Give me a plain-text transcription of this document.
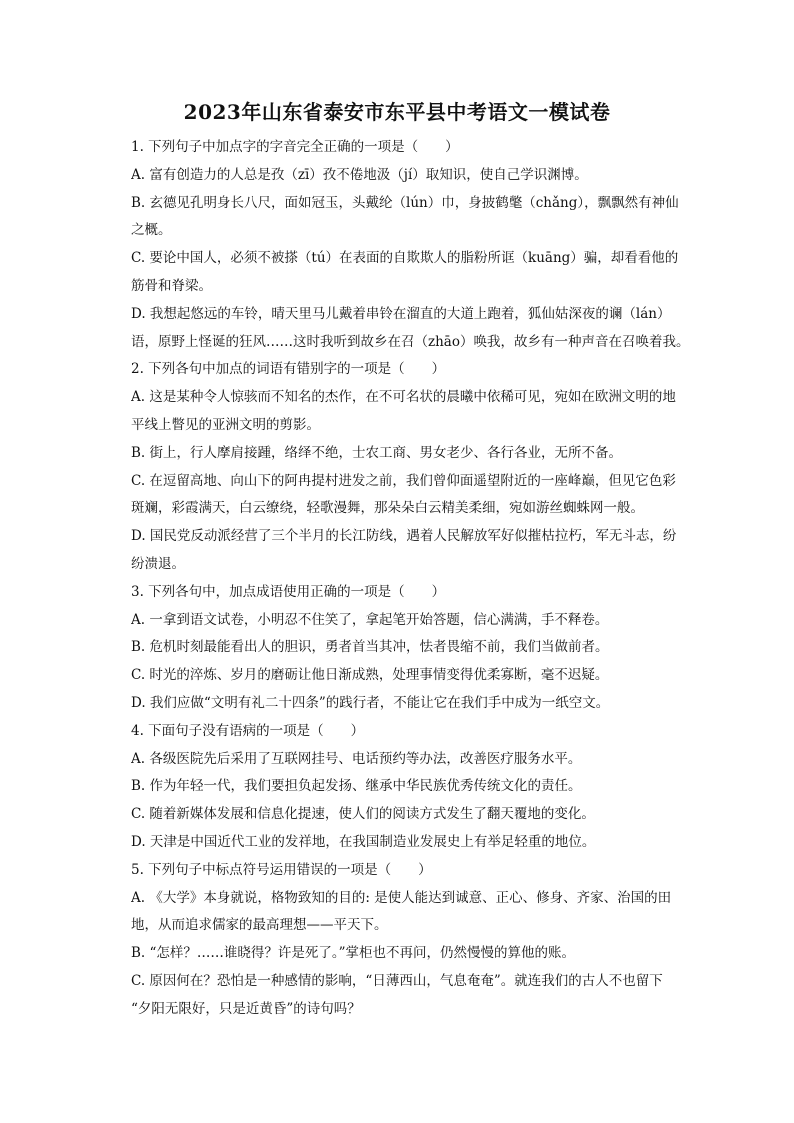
2023年山东省泰安市东平县中考语文一模试卷
1. 下列句子中加点字的字音完全正确的一项是（　　）
A. 富有创造力的人总是孜（zī）孜不倦地汲（jí）取知识，使自己学识渊博。
B. 玄德见孔明身长八尺，面如冠玉，头戴纶（lún）巾，身披鹤氅（chǎng），飘飘然有神仙
之概。
C. 要论中国人，必须不被搽（tú）在表面的自欺欺人的脂粉所诓（kuāng）骗，却看看他的
筋骨和脊梁。
D. 我想起悠远的车铃，晴天里马儿戴着串铃在溜直的大道上跑着，狐仙姑深夜的谰（lán）
语，原野上怪诞的狂风……这时我听到故乡在召（zhāo）唤我，故乡有一种声音在召唤着我。
2. 下列各句中加点的词语有错别字的一项是（　　）
A. 这是某种令人惊骇而不知名的杰作，在不可名状的晨曦中依稀可见，宛如在欧洲文明的地
平线上瞥见的亚洲文明的剪影。
B. 街上，行人摩肩接踵，络绎不绝，士农工商、男女老少、各行各业，无所不备。
C. 在逗留高地、向山下的阿冉提村进发之前，我们曾仰面遥望附近的一座峰巅，但见它色彩
斑斓，彩霞满天，白云缭绕，轻歌漫舞，那朵朵白云精美柔细，宛如游丝蜘蛛网一般。
D. 国民党反动派经营了三个半月的长江防线，遇着人民解放军好似摧枯拉朽，军无斗志，纷
纷溃退。
3. 下列各句中，加点成语使用正确的一项是（　　）
A. 一拿到语文试卷，小明忍不住笑了，拿起笔开始答题，信心满满，手不释卷。
B. 危机时刻最能看出人的胆识，勇者首当其冲，怯者畏缩不前，我们当做前者。
C. 时光的淬炼、岁月的磨砺让他日渐成熟，处理事情变得优柔寡断，毫不迟疑。
D. 我们应做“文明有礼二十四条”的践行者，不能让它在我们手中成为一纸空文。
4. 下面句子没有语病的一项是（　　）
A. 各级医院先后采用了互联网挂号、电话预约等办法，改善医疗服务水平。
B. 作为年轻一代，我们要担负起发扬、继承中华民族优秀传统文化的责任。
C. 随着新媒体发展和信息化提速，使人们的阅读方式发生了翻天覆地的变化。
D. 天津是中国近代工业的发祥地，在我国制造业发展史上有举足轻重的地位。
5. 下列句子中标点符号运用错误的一项是（　　）
A. 《大学》本身就说，格物致知的目的: 是使人能达到诚意、正心、修身、齐家、治国的田
地，从而追求儒家的最高理想——平天下。
B. “怎样？……谁晓得？许是死了。”掌柜也不再问，仍然慢慢的算他的账。
C. 原因何在？恐怕是一种感情的影响，“日薄西山，气息奄奄”。就连我们的古人不也留下
“夕阳无限好，只是近黄昏”的诗句吗？
